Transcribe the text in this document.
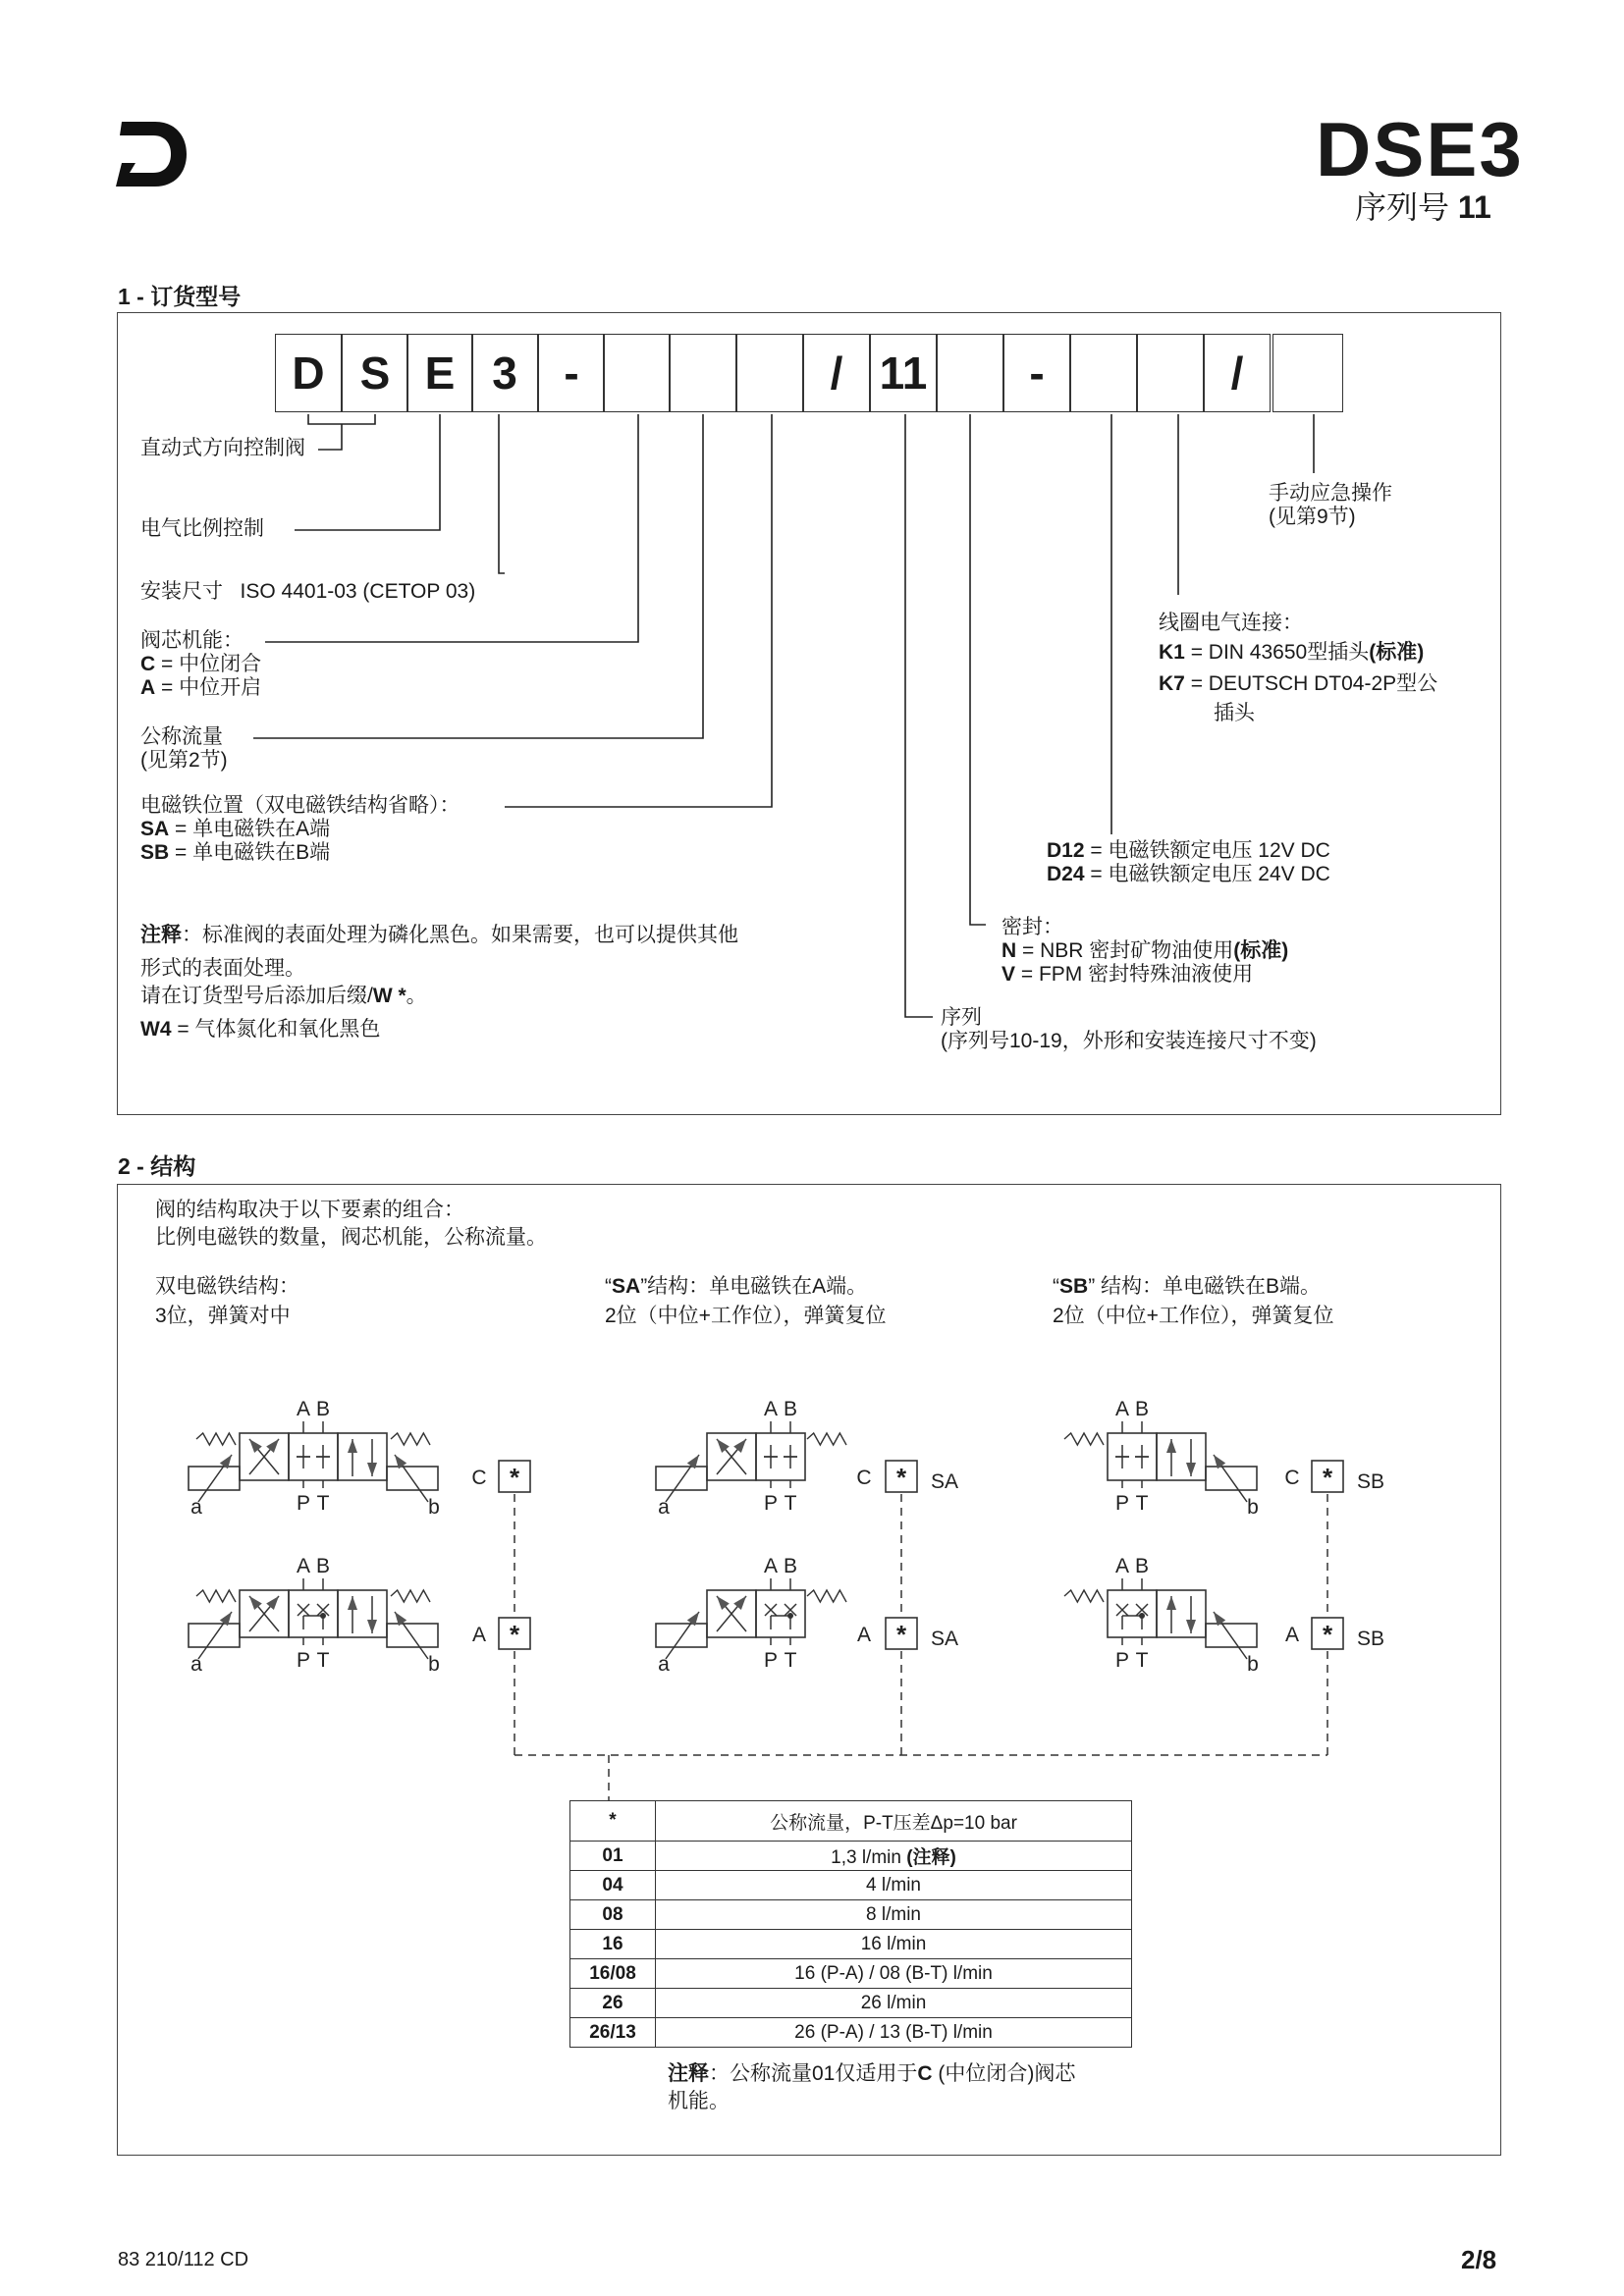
DSE3
序列号 11
1 - 订货型号
D S E 3	-	/ 11	-	/
直动式方向控制阀
电气比例控制
安装尺寸 ISO 4401-03 (CETOP 03)
阀芯机能：
C = 中位闭合
A = 中位开启
公称流量
(见第2节)
电磁铁位置（双电磁铁结构省略）：
SA = 单电磁铁在A端
SB = 单电磁铁在B端
注释：标准阀的表面处理为磷化黑色。如果需要，也可以提供其他
形式的表面处理。
请在订货型号后添加后缀/W *。
W4 = 气体氮化和氧化黑色
手动应急操作
(见第9节)
线圈电气连接：
K1 = DIN 43650型插头(标准)
K7 = DEUTSCH DT04-2P型公
插头
D12 = 电磁铁额定电压 12V DC
D24 = 电磁铁额定电压 24V DC
密封：
N = NBR 密封矿物油使用(标准)
V = FPM 密封特殊油液使用
序列
(序列号10-19，外形和安装连接尺寸不变)
2 - 结构
阀的结构取决于以下要素的组合：
比例电磁铁的数量，阀芯机能，公称流量。
双电磁铁结构：
3位，弹簧对中
“SA”结构：单电磁铁在A端。
2位（中位+工作位），弹簧复位
“SB” 结构：单电磁铁在B端。
2位（中位+工作位），弹簧复位
A B
P T
a	b
C *
A B
P T
a	b
A *
A B
P T
a
C * SA
A B
P T
a
A * SA
A B
P T	b
C * SB
A B
P T	b
A * SB
*	公称流量，P-T压差Δp=10 bar
01	1,3 l/min (注释)
04	4 l/min
08	8 l/min
16	16 l/min
16/08	16 (P-A) / 08 (B-T) l/min
26	26 l/min
26/13	26 (P-A) / 13 (B-T) l/min
注释：公称流量01仅适用于C (中位闭合)阀芯
机能。
83 210/112 CD	2/8
